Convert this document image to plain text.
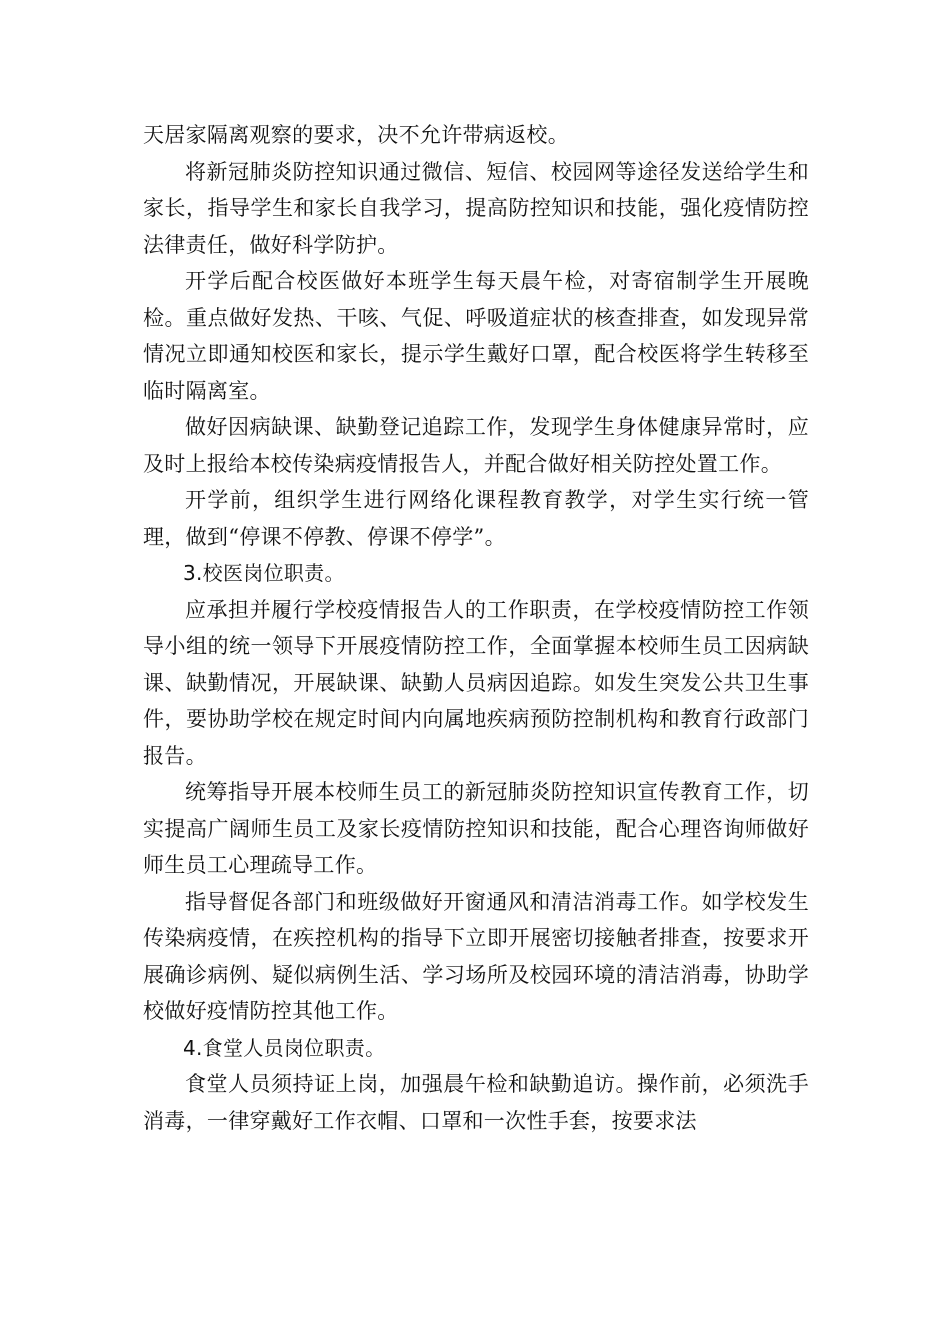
天居家隔离观察的要求，决不允许带病返校。

将新冠肺炎防控知识通过微信、短信、校园网等途径发送给学生和家长，指导学生和家长自我学习，提高防控知识和技能，强化疫情防控法律责任，做好科学防护。

开学后配合校医做好本班学生每天晨午检，对寄宿制学生开展晚检。重点做好发热、干咳、气促、呼吸道症状的核查排查，如发现异常情况立即通知校医和家长，提示学生戴好口罩，配合校医将学生转移至临时隔离室。

做好因病缺课、缺勤登记追踪工作，发现学生身体健康异常时，应及时上报给本校传染病疫情报告人，并配合做好相关防控处置工作。

开学前，组织学生进行网络化课程教育教学，对学生实行统一管理，做到“停课不停教、停课不停学”。

3.校医岗位职责。

应承担并履行学校疫情报告人的工作职责，在学校疫情防控工作领导小组的统一领导下开展疫情防控工作，全面掌握本校师生员工因病缺课、缺勤情况，开展缺课、缺勤人员病因追踪。如发生突发公共卫生事件，要协助学校在规定时间内向属地疾病预防控制机构和教育行政部门报告。

统筹指导开展本校师生员工的新冠肺炎防控知识宣传教育工作，切实提高广阔师生员工及家长疫情防控知识和技能，配合心理咨询师做好师生员工心理疏导工作。

指导督促各部门和班级做好开窗通风和清洁消毒工作。如学校发生传染病疫情，在疾控机构的指导下立即开展密切接触者排查，按要求开展确诊病例、疑似病例生活、学习场所及校园环境的清洁消毒，协助学校做好疫情防控其他工作。

4.食堂人员岗位职责。

食堂人员须持证上岗，加强晨午检和缺勤追访。操作前，必须洗手消毒，一律穿戴好工作衣帽、口罩和一次性手套，按要求法
